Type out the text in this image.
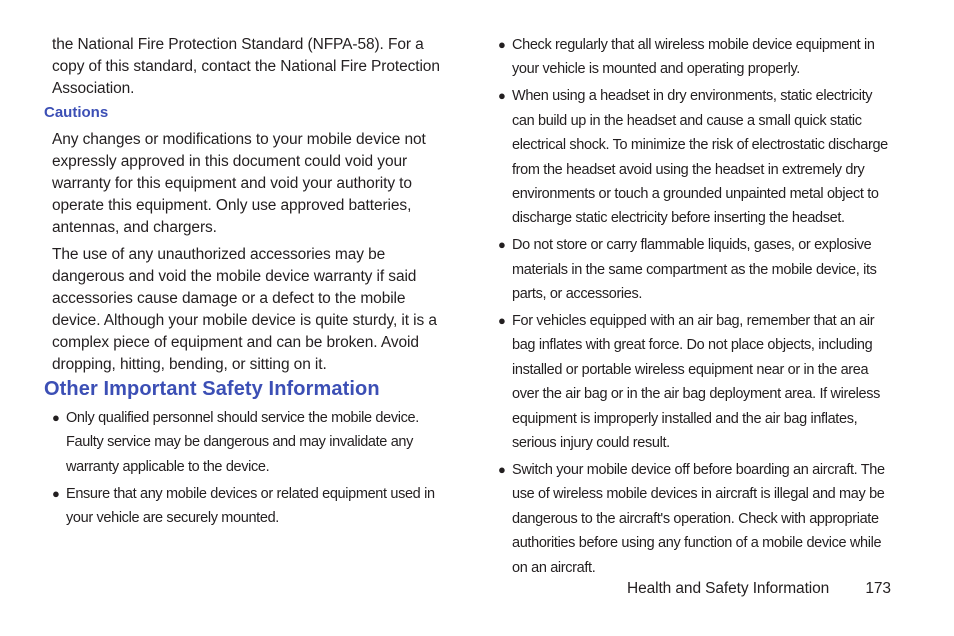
the National Fire Protection Standard (NFPA-58). For a copy of this standard, contact the National Fire Protection Association.

Cautions

Any changes or modifications to your mobile device not expressly approved in this document could void your warranty for this equipment and void your authority to operate this equipment. Only use approved batteries, antennas, and chargers.

The use of any unauthorized accessories may be dangerous and void the mobile device warranty if said accessories cause damage or a defect to the mobile device. Although your mobile device is quite sturdy, it is a complex piece of equipment and can be broken. Avoid dropping, hitting, bending, or sitting on it.

Other Important Safety Information
● Only qualified personnel should service the mobile device. Faulty service may be dangerous and may invalidate any warranty applicable to the device.
● Ensure that any mobile devices or related equipment used in your vehicle are securely mounted.
● Check regularly that all wireless mobile device equipment in your vehicle is mounted and operating properly.
● When using a headset in dry environments, static electricity can build up in the headset and cause a small quick static electrical shock. To minimize the risk of electrostatic discharge from the headset avoid using the headset in extremely dry environments or touch a grounded unpainted metal object to discharge static electricity before inserting the headset.
● Do not store or carry flammable liquids, gases, or explosive materials in the same compartment as the mobile device, its parts, or accessories.
● For vehicles equipped with an air bag, remember that an air bag inflates with great force. Do not place objects, including installed or portable wireless equipment near or in the area over the air bag or in the air bag deployment area. If wireless equipment is improperly installed and the air bag inflates, serious injury could result.
● Switch your mobile device off before boarding an aircraft. The use of wireless mobile devices in aircraft is illegal and may be dangerous to the aircraft's operation. Check with appropriate authorities before using any function of a mobile device while on an aircraft.
Health and Safety Information 173
